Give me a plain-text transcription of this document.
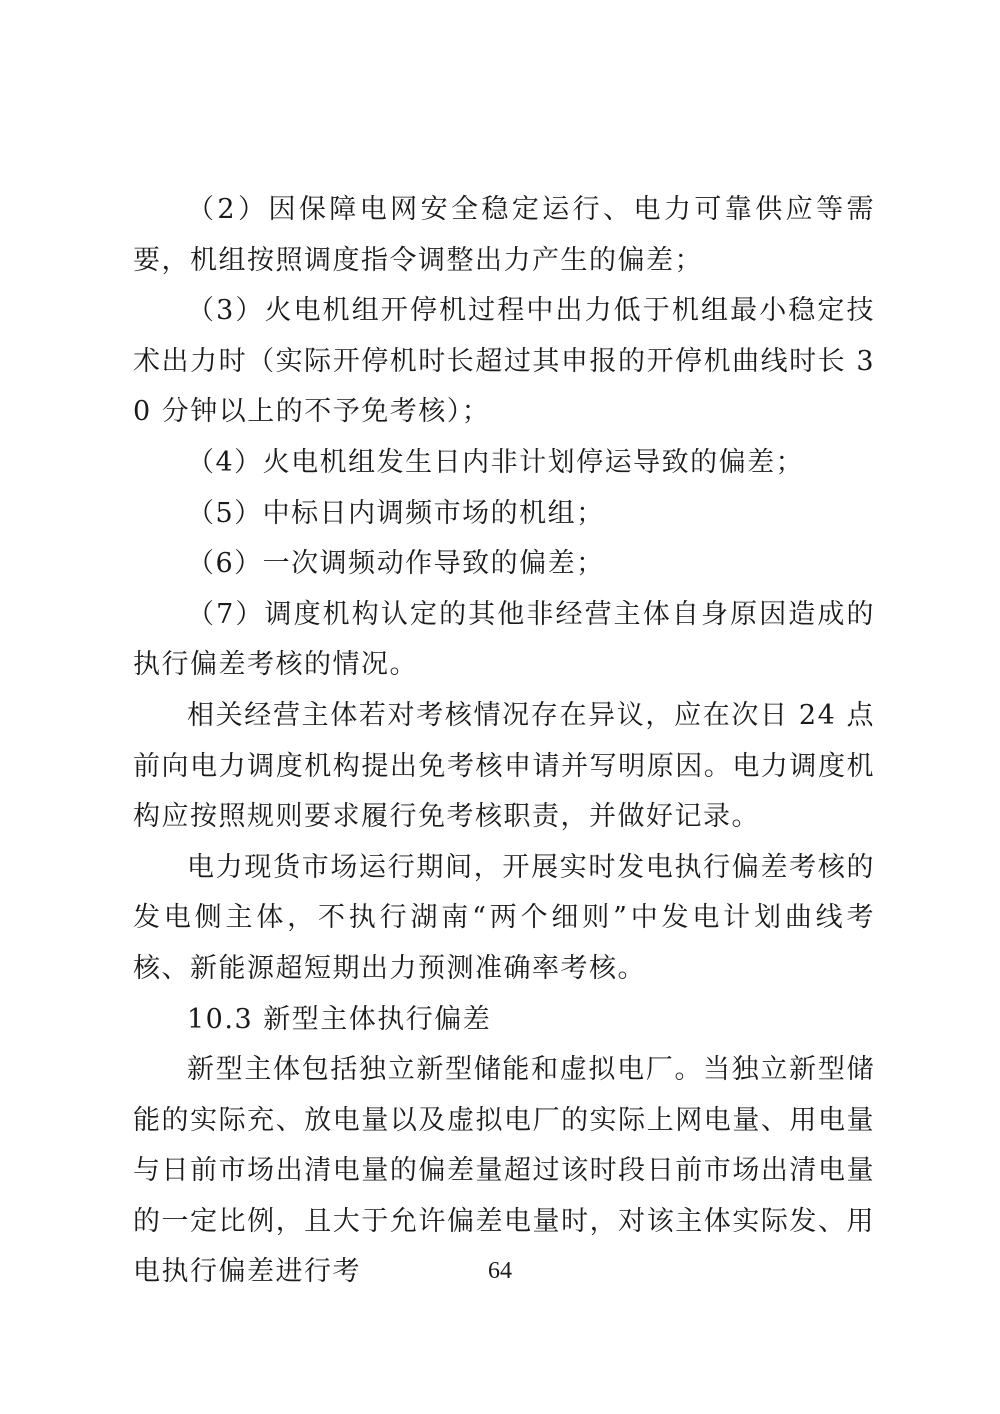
（2）因保障电网安全稳定运行、电力可靠供应等需要，机组按照调度指令调整出力产生的偏差；

（3）火电机组开停机过程中出力低于机组最小稳定技术出力时（实际开停机时长超过其申报的开停机曲线时长 30 分钟以上的不予免考核）；

（4）火电机组发生日内非计划停运导致的偏差；

（5）中标日内调频市场的机组；

（6）一次调频动作导致的偏差；

（7）调度机构认定的其他非经营主体自身原因造成的执行偏差考核的情况。

相关经营主体若对考核情况存在异议，应在次日 24 点前向电力调度机构提出免考核申请并写明原因。电力调度机构应按照规则要求履行免考核职责，并做好记录。

电力现货市场运行期间，开展实时发电执行偏差考核的发电侧主体，不执行湖南“两个细则”中发电计划曲线考核、新能源超短期出力预测准确率考核。

10.3 新型主体执行偏差

新型主体包括独立新型储能和虚拟电厂。当独立新型储能的实际充、放电量以及虚拟电厂的实际上网电量、用电量与日前市场出清电量的偏差量超过该时段日前市场出清电量的一定比例，且大于允许偏差电量时，对该主体实际发、用电执行偏差进行考	64
